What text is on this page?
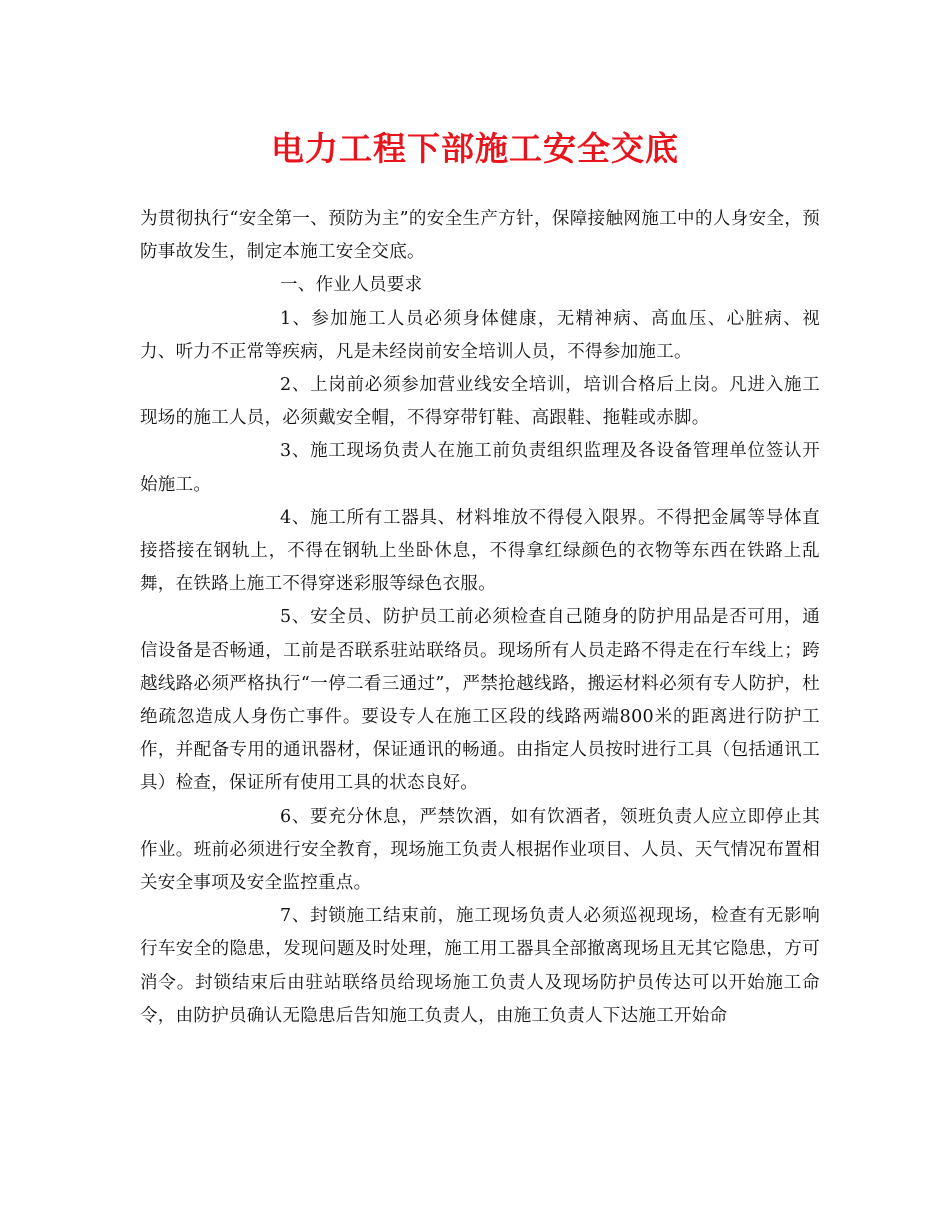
电力工程下部施工安全交底

为贯彻执行“安全第一、预防为主”的安全生产方针，保障接触网施工中的人身安全，预防事故发生，制定本施工安全交底。

一、作业人员要求

1、参加施工人员必须身体健康，无精神病、高血压、心脏病、视力、听力不正常等疾病，凡是未经岗前安全培训人员，不得参加施工。

2、上岗前必须参加营业线安全培训，培训合格后上岗。凡进入施工现场的施工人员，必须戴安全帽，不得穿带钉鞋、高跟鞋、拖鞋或赤脚。

3、施工现场负责人在施工前负责组织监理及各设备管理单位签认开始施工。

4、施工所有工器具、材料堆放不得侵入限界。不得把金属等导体直接搭接在钢轨上，不得在钢轨上坐卧休息，不得拿红绿颜色的衣物等东西在铁路上乱舞，在铁路上施工不得穿迷彩服等绿色衣服。

5、安全员、防护员工前必须检查自己随身的防护用品是否可用，通信设备是否畅通，工前是否联系驻站联络员。现场所有人员走路不得走在行车线上；跨越线路必须严格执行“一停二看三通过”，严禁抢越线路，搬运材料必须有专人防护，杜绝疏忽造成人身伤亡事件。要设专人在施工区段的线路两端800米的距离进行防护工作，并配备专用的通讯器材，保证通讯的畅通。由指定人员按时进行工具（包括通讯工具）检查，保证所有使用工具的状态良好。

6、要充分休息，严禁饮酒，如有饮酒者，领班负责人应立即停止其作业。班前必须进行安全教育，现场施工负责人根据作业项目、人员、天气情况布置相关安全事项及安全监控重点。

7、封锁施工结束前，施工现场负责人必须巡视现场，检查有无影响行车安全的隐患，发现问题及时处理，施工用工器具全部撤离现场且无其它隐患，方可消令。封锁结束后由驻站联络员给现场施工负责人及现场防护员传达可以开始施工命令，由防护员确认无隐患后告知施工负责人，由施工负责人下达施工开始命
